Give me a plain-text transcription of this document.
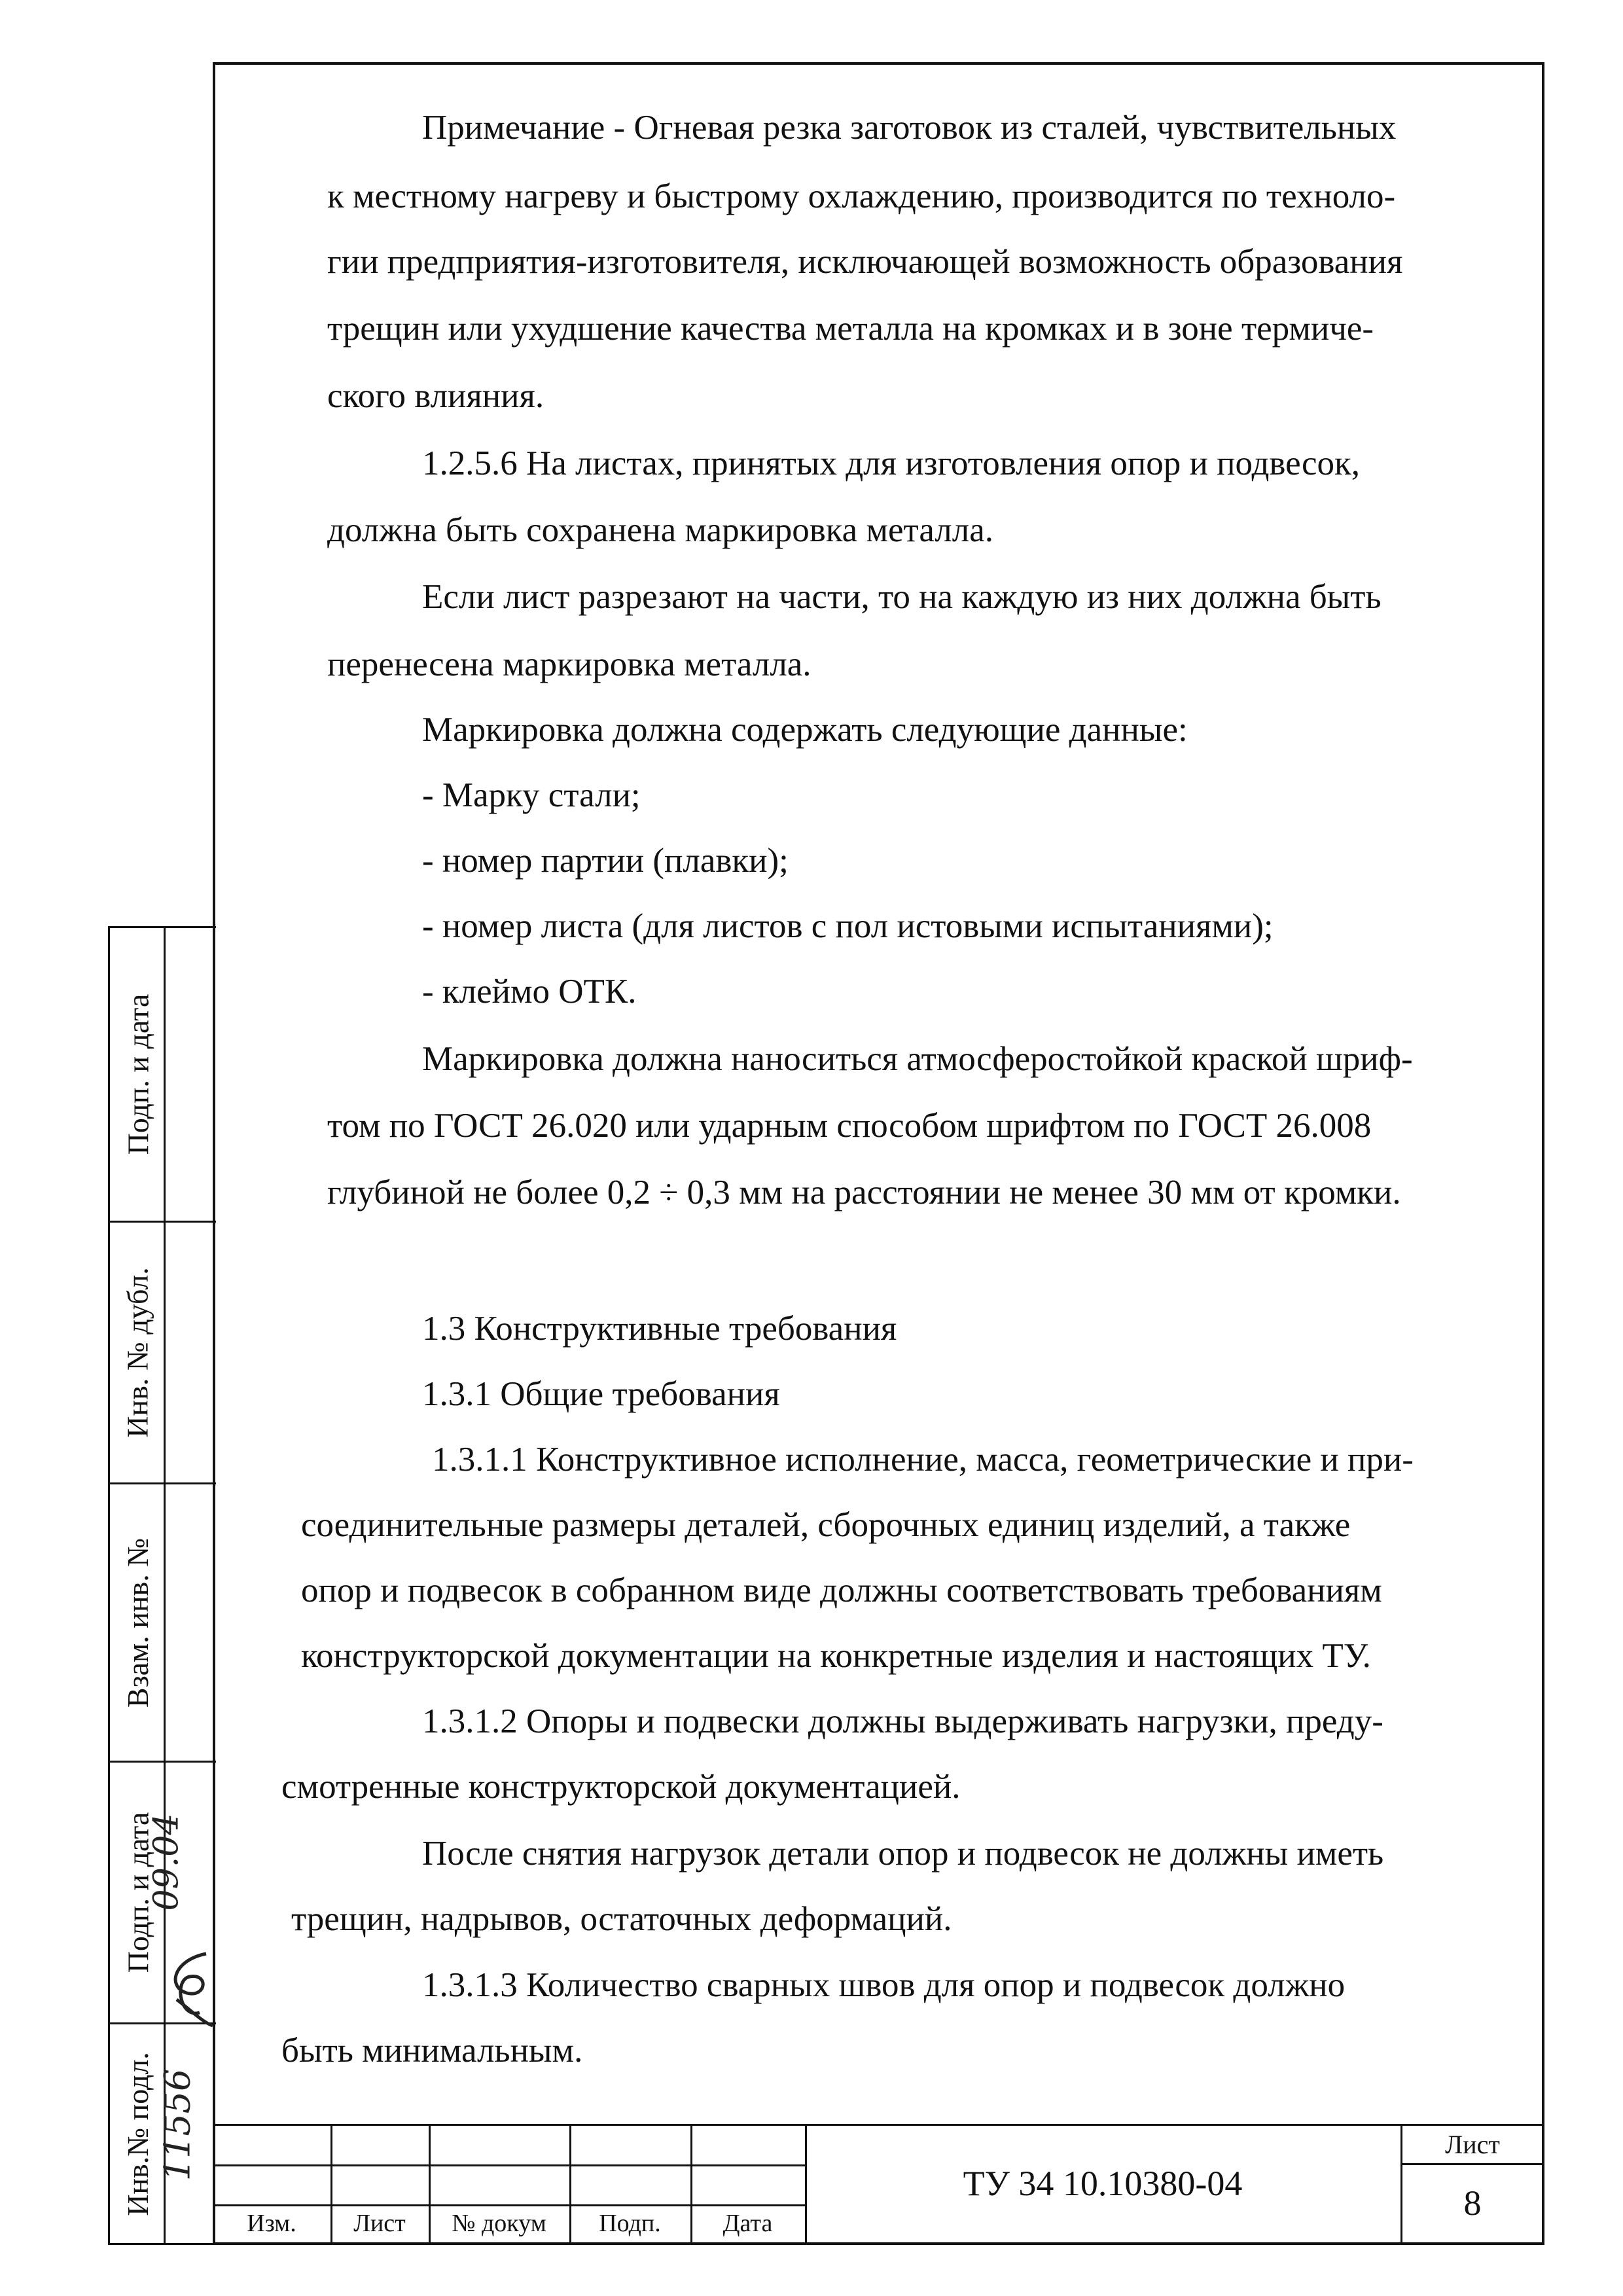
Примечание - Огневая резка заготовок из сталей, чувствительных
к местному нагреву и быстрому охлаждению, производится по техноло-
гии предприятия-изготовителя, исключающей возможность образования
трещин или ухудшение качества металла на кромках и в зоне термиче-
ского влияния.
1.2.5.6 На листах, принятых для изготовления опор и подвесок,
должна быть сохранена маркировка металла.
Если лист разрезают на части, то на каждую из них должна быть
перенесена маркировка металла.
Маркировка должна содержать следующие данные:
- Марку стали;
- номер партии (плавки);
- номер листа (для листов с пол истовыми испытаниями);
- клеймо ОТК.
Маркировка должна наноситься атмосферостойкой краской шриф-
том по ГОСТ 26.020 или ударным способом шрифтом по ГОСТ 26.008
глубиной не более 0,2 ÷ 0,3 мм на расстоянии не менее 30 мм от кромки.
1.3 Конструктивные требования
1.3.1 Общие требования
1.3.1.1 Конструктивное исполнение, масса, геометрические и при-
соединительные размеры деталей, сборочных единиц изделий, а также
опор и подвесок в собранном виде должны соответствовать требованиям
конструкторской документации на конкретные изделия и настоящих ТУ.
1.3.1.2 Опоры и подвески должны выдерживать нагрузки, преду-
смотренные конструкторской документацией.
После снятия нагрузок детали опор и подвесок не должны иметь
трещин, надрывов, остаточных деформаций.
1.3.1.3 Количество сварных швов для опор и подвесок должно
быть минимальным.
Подп. и дата
Инв. № дубл.
Взам. инв. №
Подп. и дата
Инв.№ подл.
09.04
11556
Изм.	Лист	№ докум	Подп.	Дата
ТУ 34 10.10380-04
Лист
8
